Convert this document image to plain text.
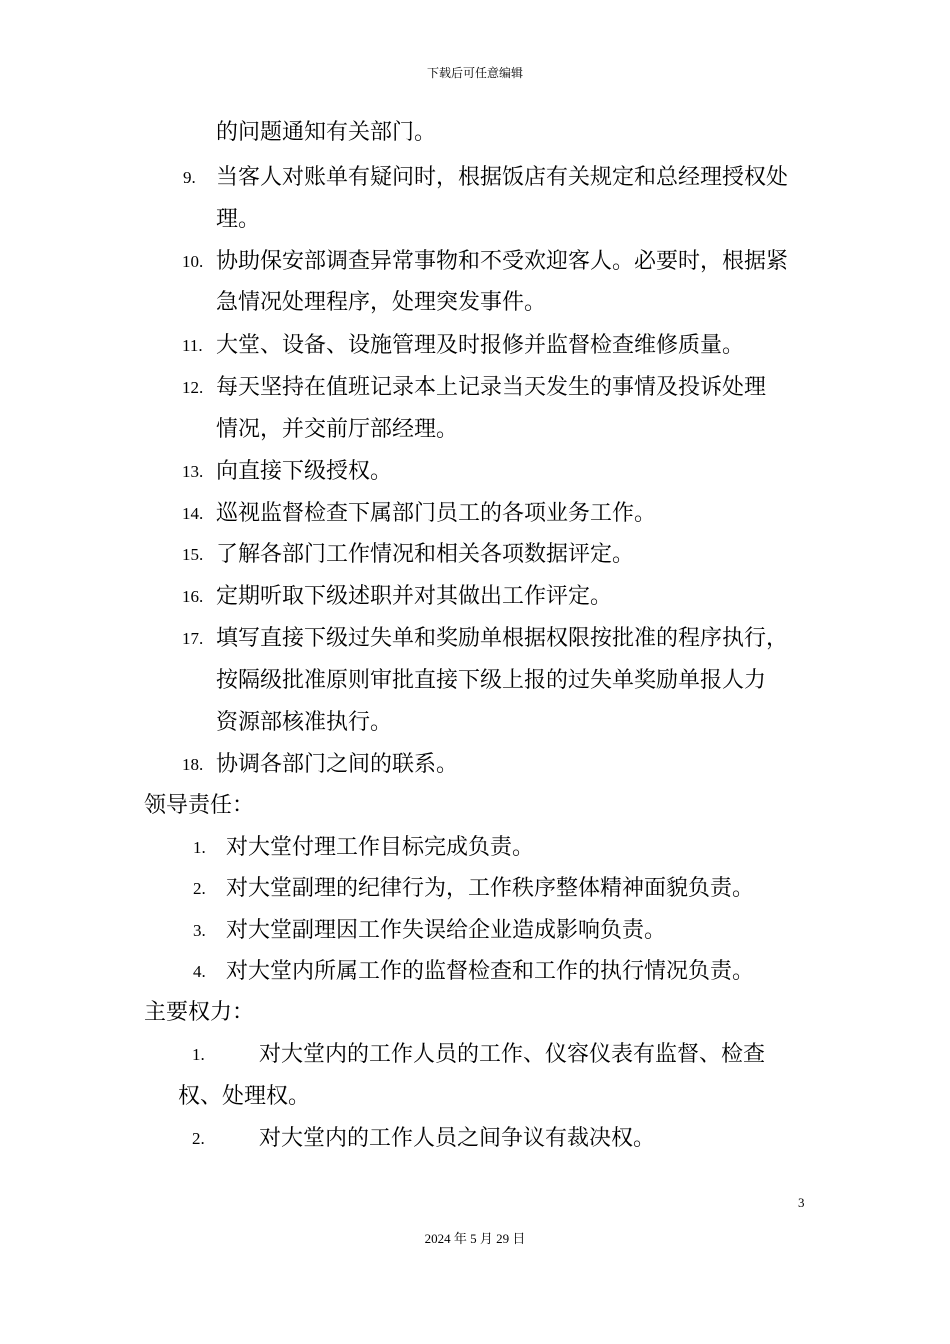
下载后可任意编辑
的问题通知有关部门。
9. 当客人对账单有疑问时，根据饭店有关规定和总经理授权处
理。
10. 协助保安部调查异常事物和不受欢迎客人。必要时，根据紧
急情况处理程序，处理突发事件。
11. 大堂、设备、设施管理及时报修并监督检查维修质量。
12. 每天坚持在值班记录本上记录当天发生的事情及投诉处理
情况，并交前厅部经理。
13. 向直接下级授权。
14. 巡视监督检查下属部门员工的各项业务工作。
15. 了解各部门工作情况和相关各项数据评定。
16. 定期听取下级述职并对其做出工作评定。
17. 填写直接下级过失单和奖励单根据权限按批准的程序执行，
按隔级批准原则审批直接下级上报的过失单奖励单报人力
资源部核准执行。
18. 协调各部门之间的联系。
领导责任：
1. 对大堂付理工作目标完成负责。
2. 对大堂副理的纪律行为，工作秩序整体精神面貌负责。
3. 对大堂副理因工作失误给企业造成影响负责。
4. 对大堂内所属工作的监督检查和工作的执行情况负责。
主要权力：
1. 对大堂内的工作人员的工作、仪容仪表有监督、检查
权、处理权。
2. 对大堂内的工作人员之间争议有裁决权。
3
2024 年 5 月 29 日
